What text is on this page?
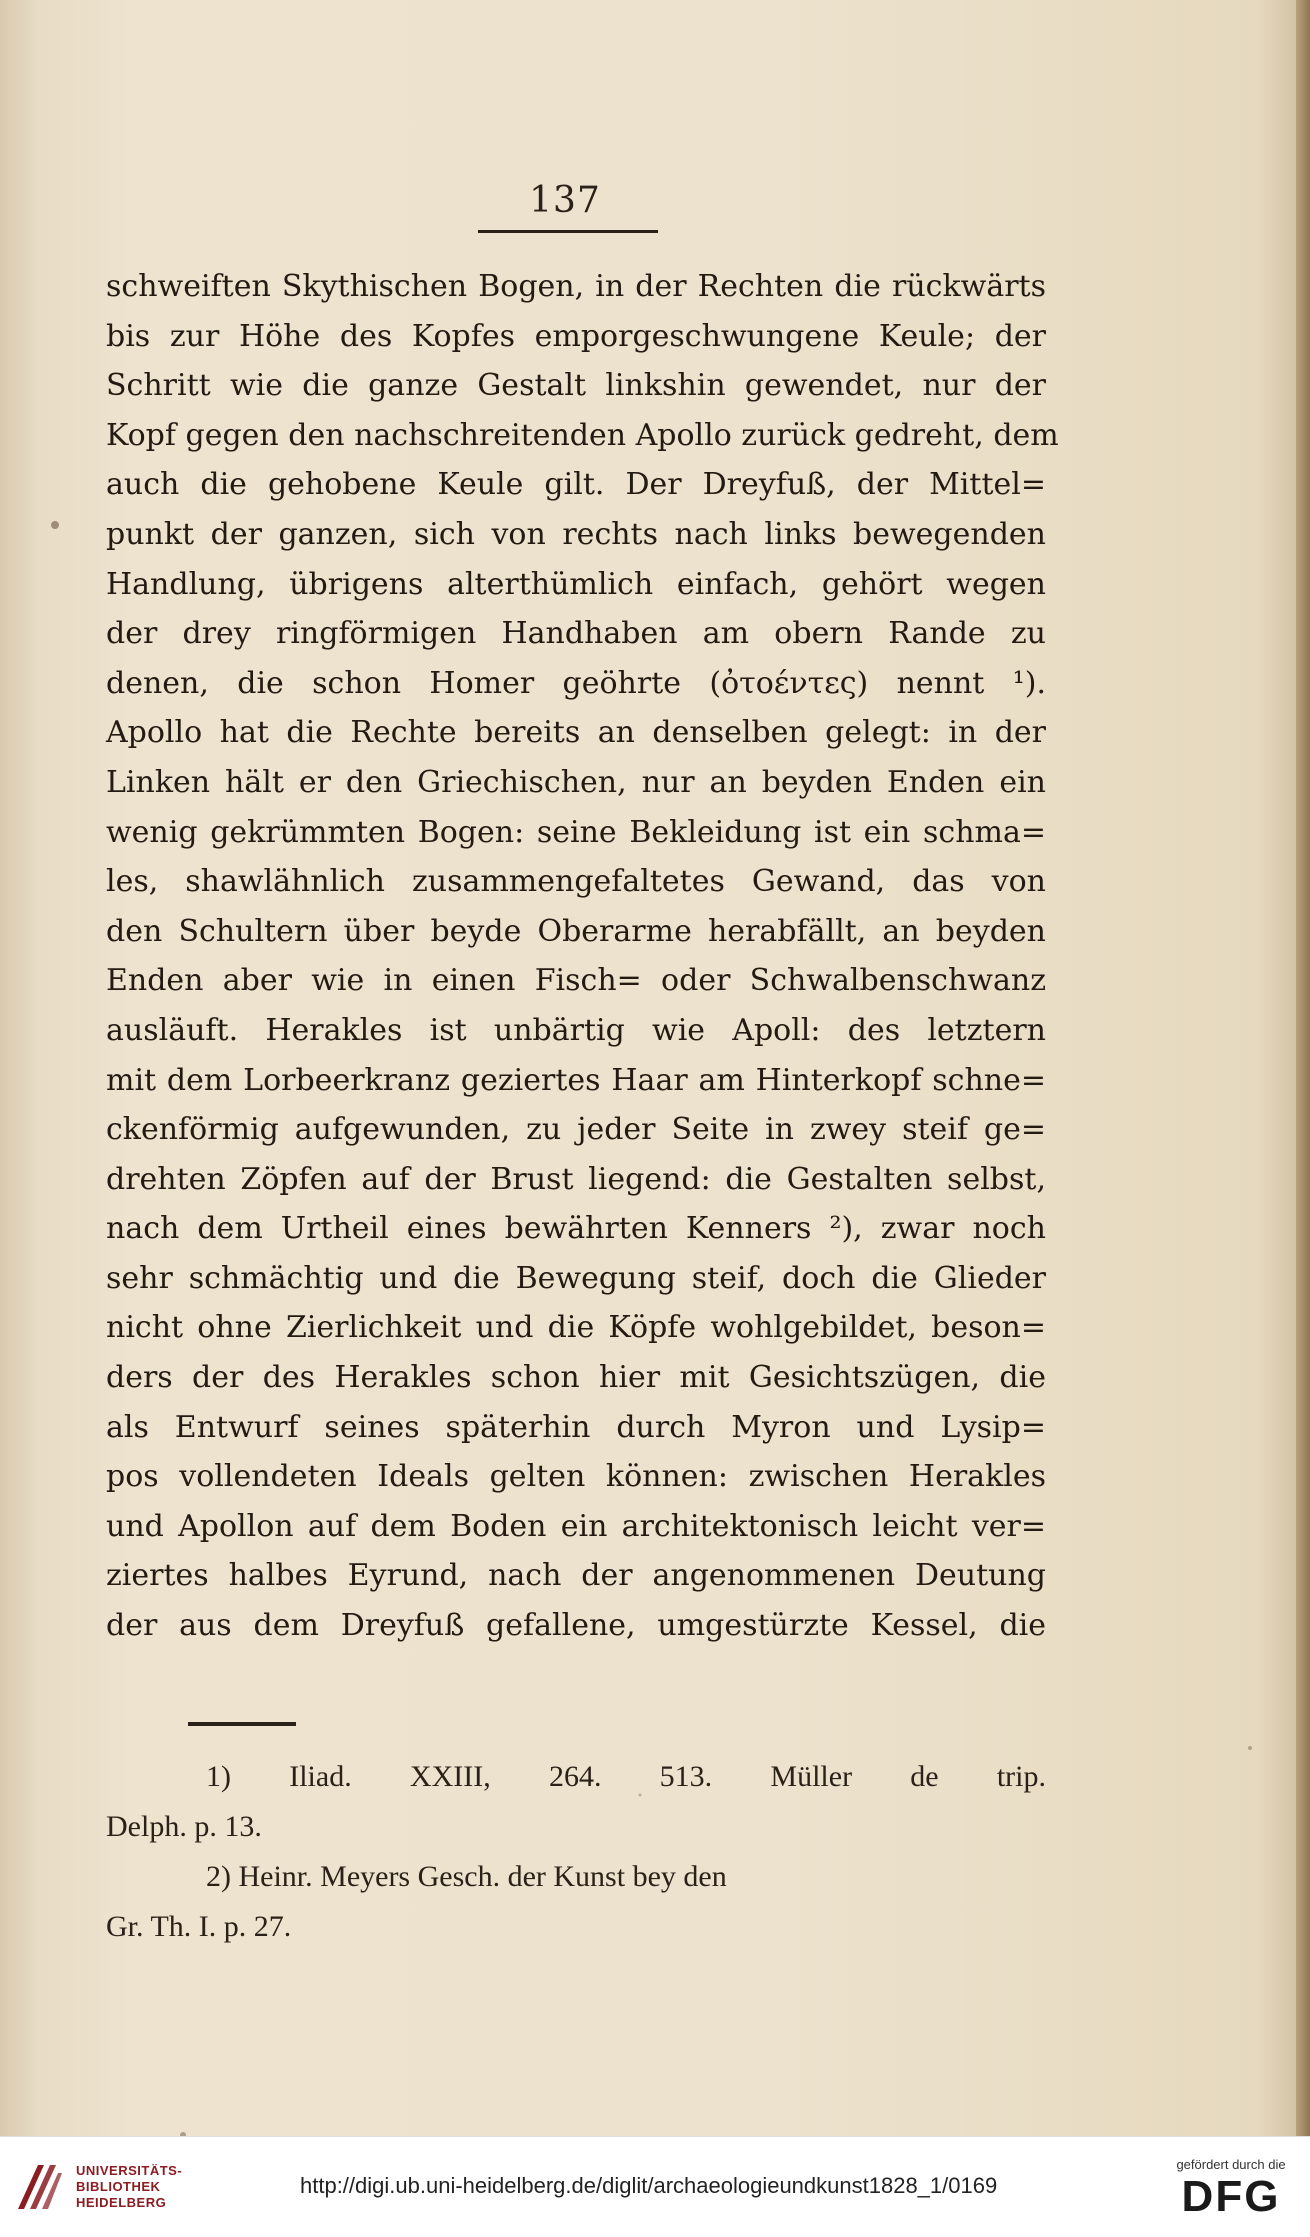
137
schweiften Skythischen Bogen, in der Rechten die rückwärts
bis zur Höhe des Kopfes emporgeschwungene Keule; der
Schritt wie die ganze Gestalt linkshin gewendet, nur der
Kopf gegen den nachschreitenden Apollo zurück gedreht, dem
auch die gehobene Keule gilt. Der Dreyfuß, der Mittel=
punkt der ganzen, sich von rechts nach links bewegenden
Handlung, übrigens alterthümlich einfach, gehört wegen
der drey ringförmigen Handhaben am obern Rande zu
denen, die schon Homer geöhrte (ὀτοέντες) nennt ¹).
Apollo hat die Rechte bereits an denselben gelegt: in der
Linken hält er den Griechischen, nur an beyden Enden ein
wenig gekrümmten Bogen: seine Bekleidung ist ein schma=
les, shawlähnlich zusammengefaltetes Gewand, das von
den Schultern über beyde Oberarme herabfällt, an beyden
Enden aber wie in einen Fisch= oder Schwalbenschwanz
ausläuft. Herakles ist unbärtig wie Apoll: des letztern
mit dem Lorbeerkranz geziertes Haar am Hinterkopf schne=
ckenförmig aufgewunden, zu jeder Seite in zwey steif ge=
drehten Zöpfen auf der Brust liegend: die Gestalten selbst,
nach dem Urtheil eines bewährten Kenners ²), zwar noch
sehr schmächtig und die Bewegung steif, doch die Glieder
nicht ohne Zierlichkeit und die Köpfe wohlgebildet, beson=
ders der des Herakles schon hier mit Gesichtszügen, die
als Entwurf seines späterhin durch Myron und Lysip=
pos vollendeten Ideals gelten können: zwischen Herakles
und Apollon auf dem Boden ein architektonisch leicht ver=
ziertes halbes Eyrund, nach der angenommenen Deutung
der aus dem Dreyfuß gefallene, umgestürzte Kessel, die
1) Iliad. XXIII, 264. 513. Müller de trip.
Delph. p. 13.
2) Heinr. Meyers Gesch. der Kunst bey den
Gr. Th. I. p. 27.
UNIVERSITÄTS-
BIBLIOTHEK
HEIDELBERG
http://digi.ub.uni-heidelberg.de/diglit/archaeologieundkunst1828_1/0169
gefördert durch die
DFG
